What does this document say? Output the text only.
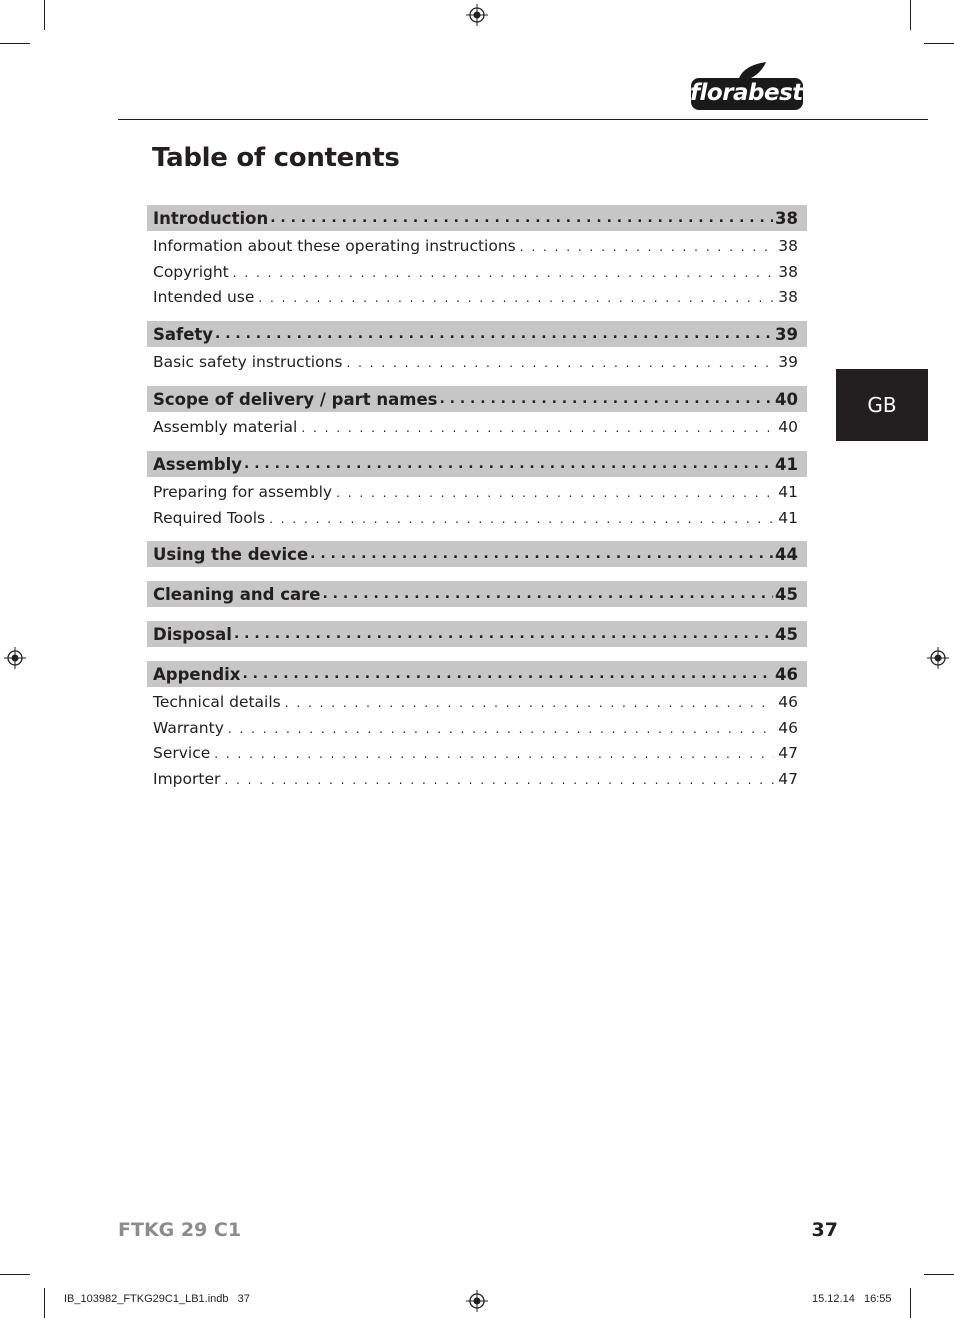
florabest
Table of contents
GB
Introduction . . .	38
Information about these operating instructions . . .	38
Copyright . . .	38
Intended use . . .	38
Safety . . .	39
Basic safety instructions . . .	39
Scope of delivery / part names . . .	40
Assembly material . . .	40
Assembly . . .	41
Preparing for assembly . . .	41
Required Tools . . .	41
Using the device . . .	44
Cleaning and care . . .	45
Disposal . . .	45
Appendix . . .	46
Technical details . . .	46
Warranty . . .	46
Service . . .	47
Importer . . .	47
FTKG 29 C1	37
IB_103982_FTKG29C1_LB1.indb   37	15.12.14   16:55
